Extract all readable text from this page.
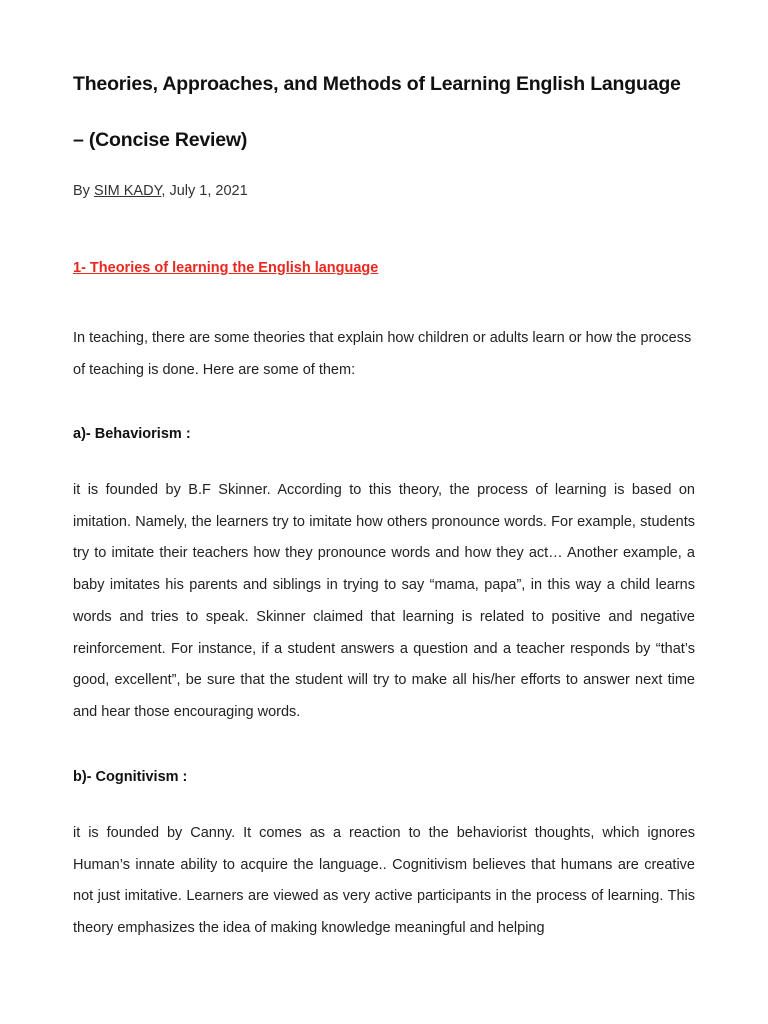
Theories, Approaches, and Methods of Learning English Language – (Concise Review)
By SIM KADY, July 1, 2021
1- Theories of learning the English language

In teaching, there are some theories that explain how children or adults learn or how the process of teaching is done. Here are some of them:

a)- Behaviorism :

it is founded by B.F Skinner. According to this theory, the process of learning is based on imitation. Namely, the learners try to imitate how others pronounce words. For example, students try to imitate their teachers how they pronounce words and how they act… Another example, a baby imitates his parents and siblings in trying to say “mama, papa”, in this way a child learns words and tries to speak. Skinner claimed that learning is related to positive and negative reinforcement. For instance, if a student answers a question and a teacher responds by “that’s good, excellent”, be sure that the student will try to make all his/her efforts to answer next time and hear those encouraging words.

b)- Cognitivism :

it is founded by Canny. It comes as a reaction to the behaviorist thoughts, which ignores Human’s innate ability to acquire the language.. Cognitivism believes that humans are creative not just imitative. Learners are viewed as very active participants in the process of learning. This theory emphasizes the idea of making knowledge meaningful and helping
